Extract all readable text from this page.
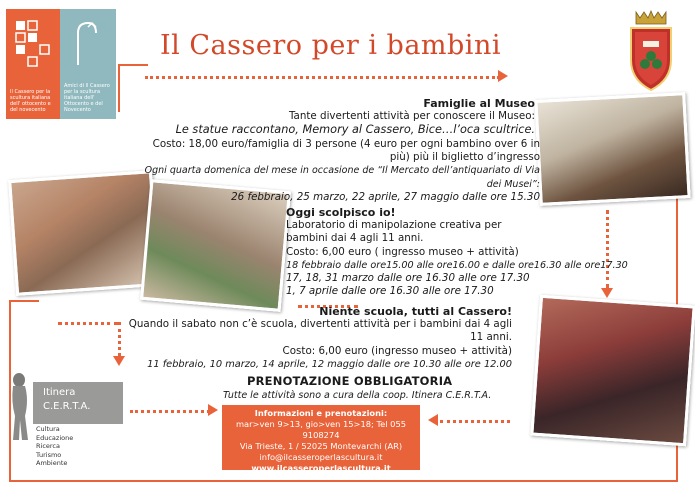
Il Cassero per la scultura italiana dell' ottocento e del novecento
Amici di Il Cassero per la scultura italiana dell' Ottocento e del Novecento
Il Cassero per i bambini
Famiglie al Museo
Tante divertenti attività per conoscere il Museo:
Le statue raccontano, Memory al Cassero, Bice…l’oca scultrice.
Costo: 18,00 euro/famiglia di 3 persone (4 euro per ogni bambino over 6 in più) più il biglietto d’ingresso
Ogni quarta domenica del mese in occasione de “Il Mercato dell’antiquariato di Via dei Musei”:
26 febbraio, 25 marzo, 22 aprile, 27 maggio dalle ore 15.30
Oggi scolpisco io!
Laboratorio di manipolazione creativa per bambini dai 4 agli 11 anni.
Costo: 6,00 euro ( ingresso museo + attività)
18 febbraio dalle ore15.00 alle ore16.00 e dalle ore16.30 alle ore17.30
17, 18, 31 marzo dalle ore 16.30 alle ore 17.30
1, 7 aprile dalle ore 16.30 alle ore 17.30
Niente scuola, tutti al Cassero!
Quando il sabato non c’è scuola, divertenti attività per i bambini dai 4 agli 11 anni.
Costo: 6,00 euro (ingresso museo + attività)
11 febbraio, 10 marzo, 14 aprile, 12 maggio dalle ore 10.30 alle ore 12.00
PRENOTAZIONE OBBLIGATORIA
Tutte le attività sono a cura della coop. Itinera C.E.R.T.A.
Informazioni e prenotazioni:
mar>ven 9>13, gio>ven 15>18; Tel 055 9108274
Via Trieste, 1 / 52025 Montevarchi (AR)
info@ilcasseroperlascultura.it
www.ilcasseroperlascultura.it
Itinera
C.E.R.T.A.
Cultura
Educazione
Ricerca
Turismo
Ambiente
